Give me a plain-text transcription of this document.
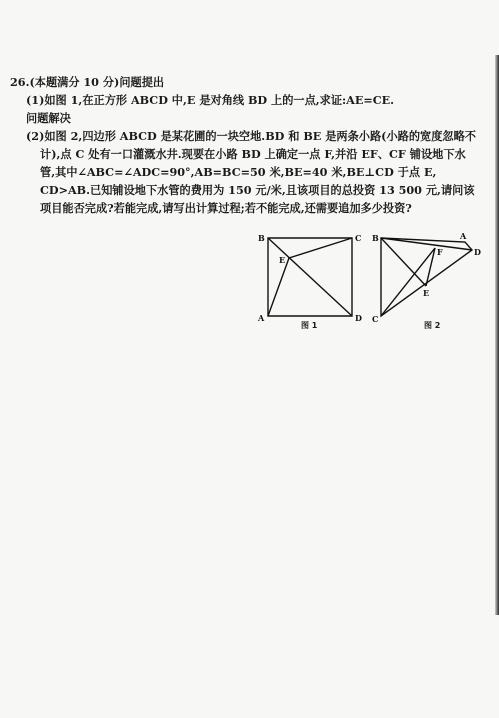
26.(本题满分 10 分)问题提出
(1)如图 1,在正方形 ABCD 中,E 是对角线 BD 上的一点,求证:AE=CE.
问题解决
(2)如图 2,四边形 ABCD 是某花圃的一块空地.BD 和 BE 是两条小路(小路的宽度忽略不
计),点 C 处有一口灌溉水井.现要在小路 BD 上确定一点 F,并沿 EF、CF 铺设地下水
管,其中∠ABC=∠ADC=90°,AB=BC=50 米,BE=40 米,BE⊥CD 于点 E,
CD>AB.已知铺设地下水管的费用为 150 元/米,且该项目的总投资 13 500 元,请问该
项目能否完成?若能完成,请写出计算过程;若不能完成,还需要追加多少投资?
B	C
A	D
E
图 1
B	A
D
C
F
E
图 2
